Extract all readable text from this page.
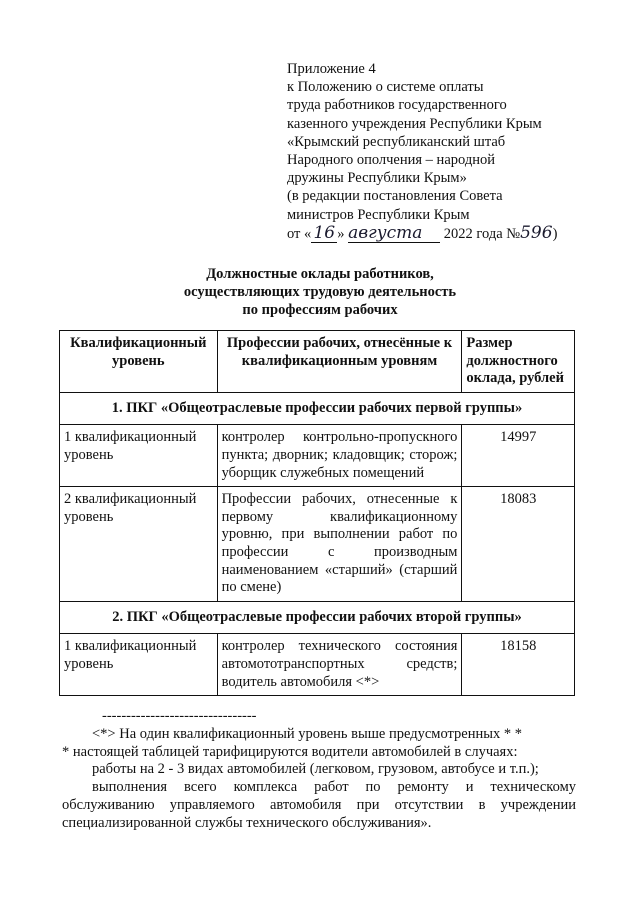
Приложение 4
к Положению о системе оплаты
труда работников государственного
казенного учреждения Республики Крым
«Крымский республиканский штаб
Народного ополчения – народной
дружины Республики Крым»
(в редакции постановления Совета
министров Республики Крым
от « 16 » августа 2022 года №596)
Должностные оклады работников,
осуществляющих трудовую деятельность
по профессиям рабочих
Квалификационный уровень	Профессии рабочих, отнесённые к квалификационным уровням	Размер должностного оклада, рублей
1. ПКГ «Общеотраслевые профессии рабочих первой группы»		
1 квалификационный уровень	контролер контрольно-пропускного пункта; дворник; кладовщик; сторож; уборщик служебных помещений	14997
2 квалификационный уровень	Профессии рабочих, отнесенные к первому квалификационному уровню, при выполнении работ по профессии с производным наименованием «старший» (старший по смене)	18083
2. ПКГ «Общеотраслевые профессии рабочих второй группы»		
1 квалификационный уровень	контролер технического состояния автомототранспортных средств; водитель автомобиля <*>	18158
--------------------------------
<*> На один квалификационный уровень выше предусмотренных * *
* настоящей таблицей тарифицируются водители автомобилей в случаях:
работы на 2 - 3 видах автомобилей (легковом, грузовом, автобусе и т.п.);
выполнения всего комплекса работ по ремонту и техническому обслуживанию управляемого автомобиля при отсутствии в учреждении специализированной службы технического обслуживания».
